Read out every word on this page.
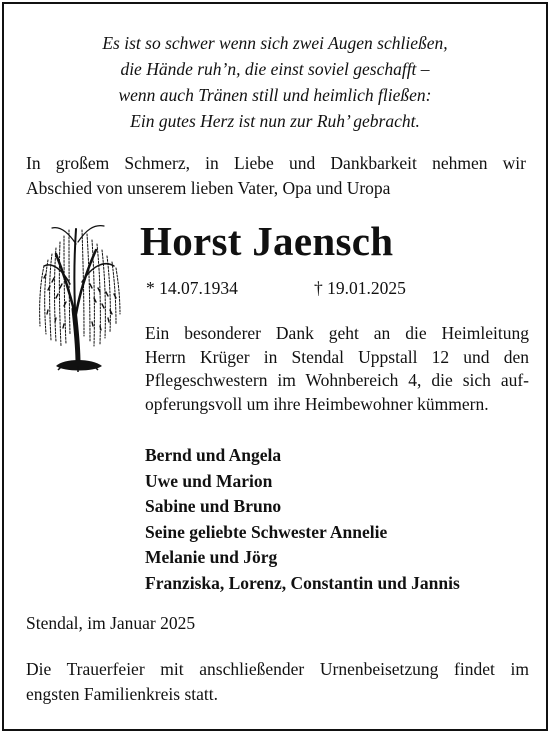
Es ist so schwer wenn sich zwei Augen schließen,
die Hände ruh’n, die einst soviel geschafft –
wenn auch Tränen still und heimlich fließen:
Ein gutes Herz ist nun zur Ruh’ gebracht.
In großem Schmerz, in Liebe und Dankbarkeit nehmen wir
Abschied von unserem lieben Vater, Opa und Uropa
Horst Jaensch
* 14.07.1934	† 19.01.2025
Ein besonderer Dank geht an die Heimleitung
Herrn Krüger in Stendal Uppstall 12 und den
Pflegeschwestern im Wohnbereich 4, die sich auf-
opferungsvoll um ihre Heimbewohner kümmern.
Bernd und Angela
Uwe und Marion
Sabine und Bruno
Seine geliebte Schwester Annelie
Melanie und Jörg
Franziska, Lorenz, Constantin und Jannis
Stendal, im Januar 2025
Die Trauerfeier mit anschließender Urnenbeisetzung findet im
engsten Familienkreis statt.
